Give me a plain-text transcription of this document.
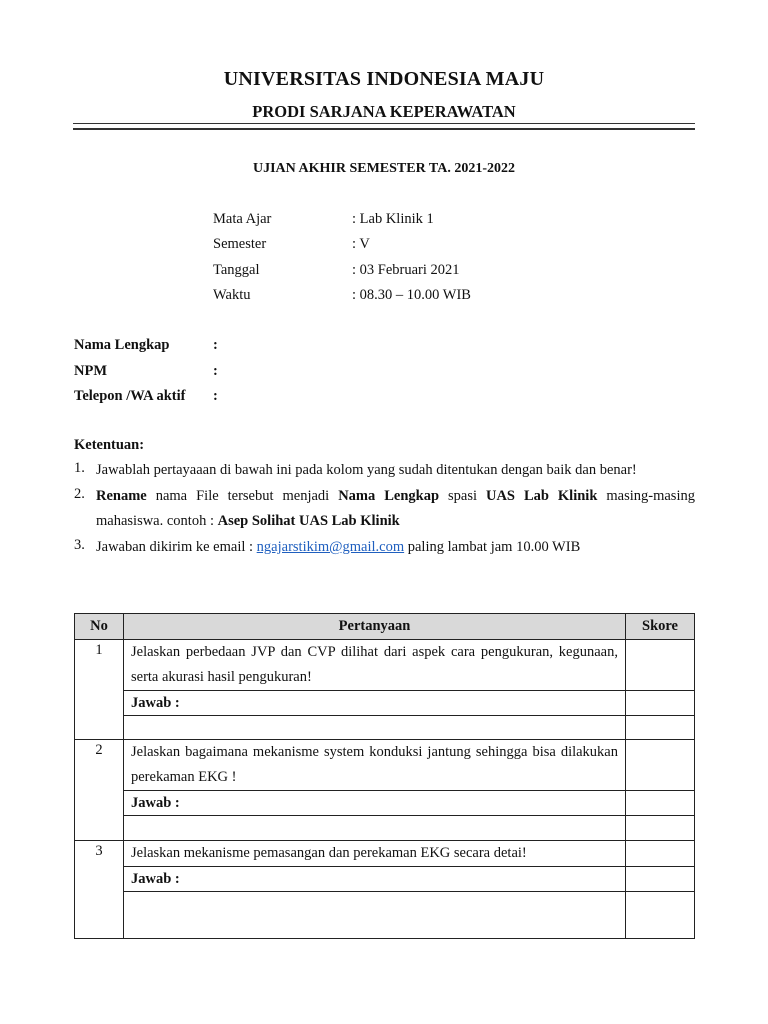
UNIVERSITAS INDONESIA MAJU
PRODI SARJANA KEPERAWATAN
UJIAN AKHIR SEMESTER TA. 2021-2022
Mata Ajar	: Lab Klinik 1
Semester	: V
Tanggal	: 03 Februari 2021
Waktu	: 08.30 – 10.00 WIB
Nama Lengkap	:
NPM	:
Telepon /WA aktif :
Ketentuan:
1. Jawablah pertayaaan di bawah ini pada kolom yang sudah ditentukan dengan baik dan benar!
2. Rename nama File tersebut menjadi Nama Lengkap spasi UAS Lab Klinik masing-masing
mahasiswa. contoh : Asep Solihat UAS Lab Klinik
3. Jawaban dikirim ke email : ngajarstikim@gmail.com paling lambat jam 10.00 WIB
No	Pertanyaan	Skore
1	Jelaskan perbedaan JVP dan CVP dilihat dari aspek cara pengukuran, kegunaan, serta akurasi hasil pengukuran!	
	Jawab :	

2	Jelaskan bagaimana mekanisme system konduksi jantung sehingga bisa dilakukan perekaman EKG !	
	Jawab :	

3	Jelaskan mekanisme pemasangan dan perekaman EKG secara detai!	
	Jawab :	
